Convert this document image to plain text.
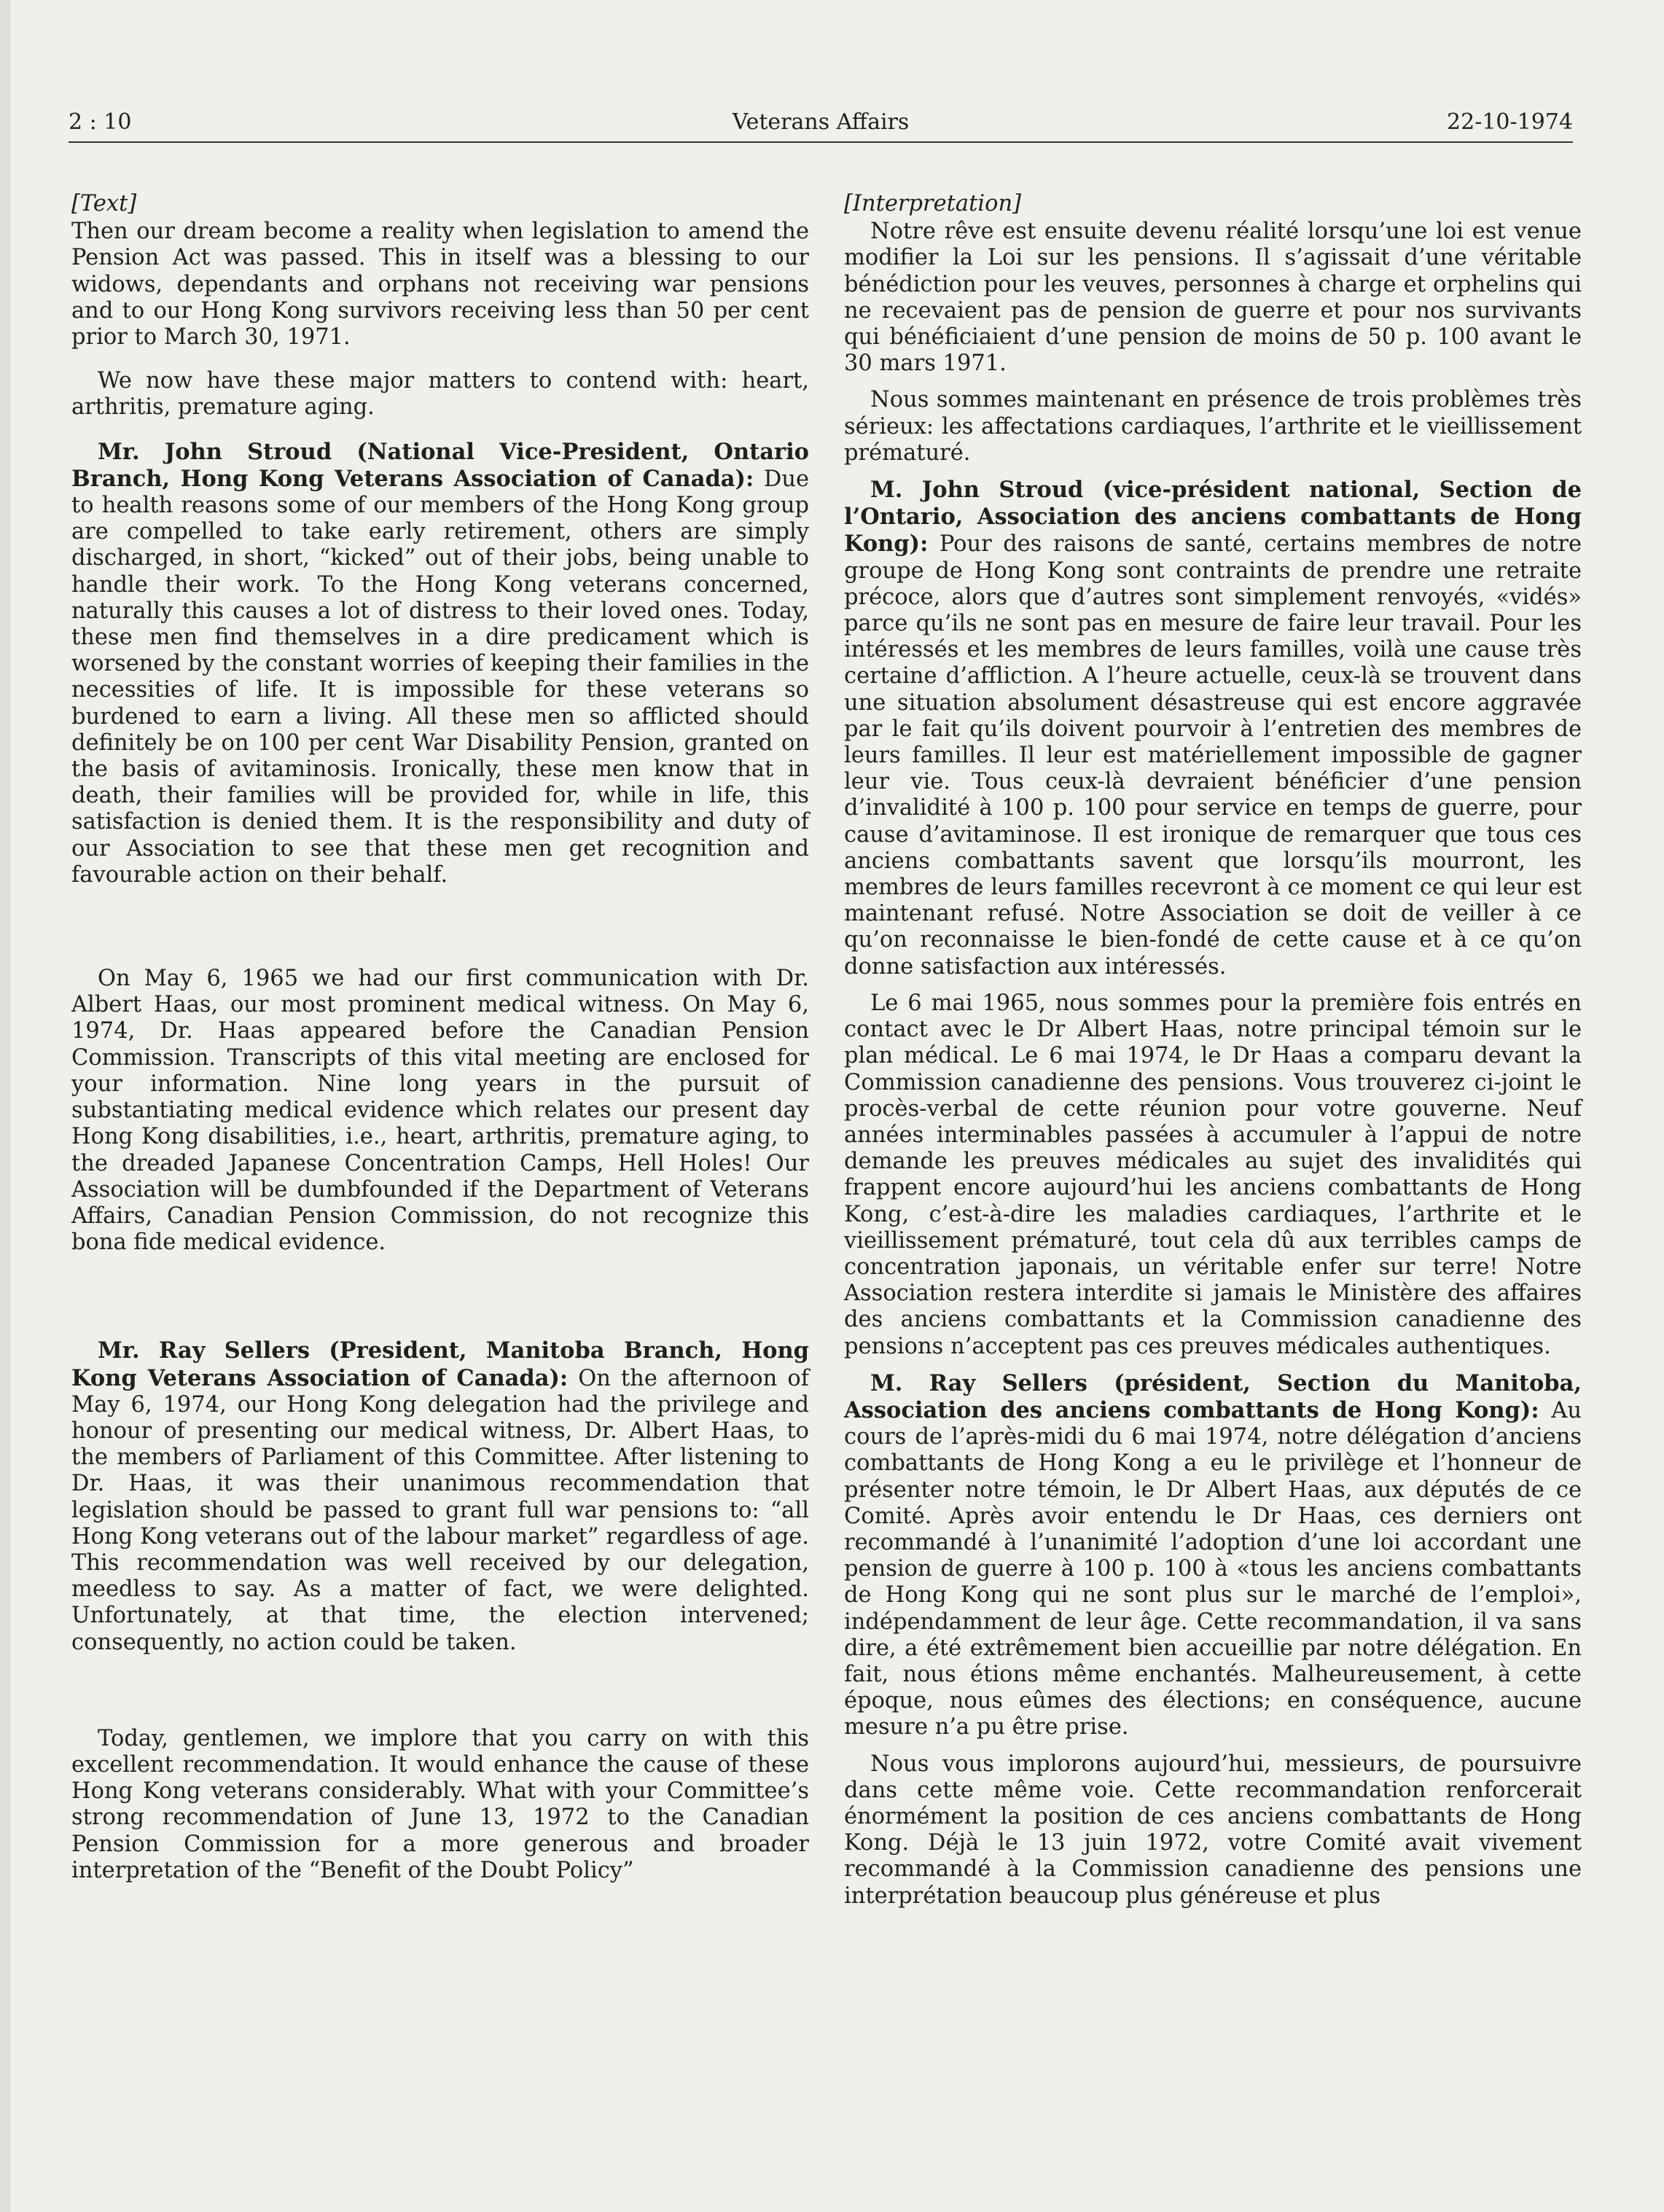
2 : 10	Veterans Affairs	22-10-1974
[Text]

Then our dream become a reality when legislation to amend the Pension Act was passed. This in itself was a blessing to our widows, dependants and orphans not receiving war pensions and to our Hong Kong survivors receiving less than 50 per cent prior to March 30, 1971.

We now have these major matters to contend with: heart, arthritis, premature aging.

Mr. John Stroud (National Vice-President, Ontario Branch, Hong Kong Veterans Association of Canada): Due to health reasons some of our members of the Hong Kong group are compelled to take early retirement, others are simply discharged, in short, “kicked” out of their jobs, being unable to handle their work. To the Hong Kong veterans concerned, naturally this causes a lot of distress to their loved ones. Today, these men find themselves in a dire predicament which is worsened by the constant worries of keeping their families in the necessities of life. It is impossible for these veterans so burdened to earn a living. All these men so afflicted should definitely be on 100 per cent War Disability Pension, granted on the basis of avitaminosis. Ironically, these men know that in death, their families will be provided for, while in life, this satisfaction is denied them. It is the responsibility and duty of our Association to see that these men get recognition and favourable action on their behalf.

On May 6, 1965 we had our first communication with Dr. Albert Haas, our most prominent medical witness. On May 6, 1974, Dr. Haas appeared before the Canadian Pension Commission. Transcripts of this vital meeting are enclosed for your information. Nine long years in the pursuit of substantiating medical evidence which relates our present day Hong Kong disabilities, i.e., heart, arthritis, premature aging, to the dreaded Japanese Concentration Camps, Hell Holes! Our Association will be dumbfounded if the Department of Veterans Affairs, Canadian Pension Commission, do not recognize this bona fide medical evidence.

Mr. Ray Sellers (President, Manitoba Branch, Hong Kong Veterans Association of Canada): On the afternoon of May 6, 1974, our Hong Kong delegation had the privilege and honour of presenting our medical witness, Dr. Albert Haas, to the members of Parliament of this Committee. After listening to Dr. Haas, it was their unanimous recommendation that legislation should be passed to grant full war pensions to: “all Hong Kong veterans out of the labour market” regardless of age. This recommendation was well received by our delegation, meedless to say. As a matter of fact, we were delighted. Unfortunately, at that time, the election intervened; consequently, no action could be taken.

Today, gentlemen, we implore that you carry on with this excellent recommendation. It would enhance the cause of these Hong Kong veterans considerably. What with your Committee’s strong recommendation of June 13, 1972 to the Canadian Pension Commission for a more generous and broader interpretation of the “Benefit of the Doubt Policy”

[Interpretation]

Notre rêve est ensuite devenu réalité lorsqu’une loi est venue modifier la Loi sur les pensions. Il s’agissait d’une véritable bénédiction pour les veuves, personnes à charge et orphelins qui ne recevaient pas de pension de guerre et pour nos survivants qui bénéficiaient d’une pension de moins de 50 p. 100 avant le 30 mars 1971.

Nous sommes maintenant en présence de trois problèmes très sérieux: les affectations cardiaques, l’arthrite et le vieillissement prématuré.

M. John Stroud (vice-président national, Section de l’Ontario, Association des anciens combattants de Hong Kong): Pour des raisons de santé, certains membres de notre groupe de Hong Kong sont contraints de prendre une retraite précoce, alors que d’autres sont simplement renvoyés, «vidés» parce qu’ils ne sont pas en mesure de faire leur travail. Pour les intéressés et les membres de leurs familles, voilà une cause très certaine d’affliction. A l’heure actuelle, ceux-là se trouvent dans une situation absolument désastreuse qui est encore aggravée par le fait qu’ils doivent pourvoir à l’entretien des membres de leurs familles. Il leur est matériellement impossible de gagner leur vie. Tous ceux-là devraient bénéficier d’une pension d’invalidité à 100 p. 100 pour service en temps de guerre, pour cause d’avitaminose. Il est ironique de remarquer que tous ces anciens combattants savent que lorsqu’ils mourront, les membres de leurs familles recevront à ce moment ce qui leur est maintenant refusé. Notre Association se doit de veiller à ce qu’on reconnaisse le bien-fondé de cette cause et à ce qu’on donne satisfaction aux intéressés.

Le 6 mai 1965, nous sommes pour la première fois entrés en contact avec le Dr Albert Haas, notre principal témoin sur le plan médical. Le 6 mai 1974, le Dr Haas a comparu devant la Commission canadienne des pensions. Vous trouverez ci-joint le procès-verbal de cette réunion pour votre gouverne. Neuf années interminables passées à accumuler à l’appui de notre demande les preuves médicales au sujet des invalidités qui frappent encore aujourd’hui les anciens combattants de Hong Kong, c’est-à-dire les maladies cardiaques, l’arthrite et le vieillissement prématuré, tout cela dû aux terribles camps de concentration japonais, un véritable enfer sur terre! Notre Association restera interdite si jamais le Ministère des affaires des anciens combattants et la Commission canadienne des pensions n’acceptent pas ces preuves médicales authentiques.

M. Ray Sellers (président, Section du Manitoba, Association des anciens combattants de Hong Kong): Au cours de l’après-midi du 6 mai 1974, notre délégation d’anciens combattants de Hong Kong a eu le privilège et l’honneur de présenter notre témoin, le Dr Albert Haas, aux députés de ce Comité. Après avoir entendu le Dr Haas, ces derniers ont recommandé à l’unanimité l’adoption d’une loi accordant une pension de guerre à 100 p. 100 à «tous les anciens combattants de Hong Kong qui ne sont plus sur le marché de l’emploi», indépendamment de leur âge. Cette recommandation, il va sans dire, a été extrêmement bien accueillie par notre délégation. En fait, nous étions même enchantés. Malheureusement, à cette époque, nous eûmes des élections; en conséquence, aucune mesure n’a pu être prise.

Nous vous implorons aujourd’hui, messieurs, de poursuivre dans cette même voie. Cette recommandation renforcerait énormément la position de ces anciens combattants de Hong Kong. Déjà le 13 juin 1972, votre Comité avait vivement recommandé à la Commission canadienne des pensions une interprétation beaucoup plus généreuse et plus
